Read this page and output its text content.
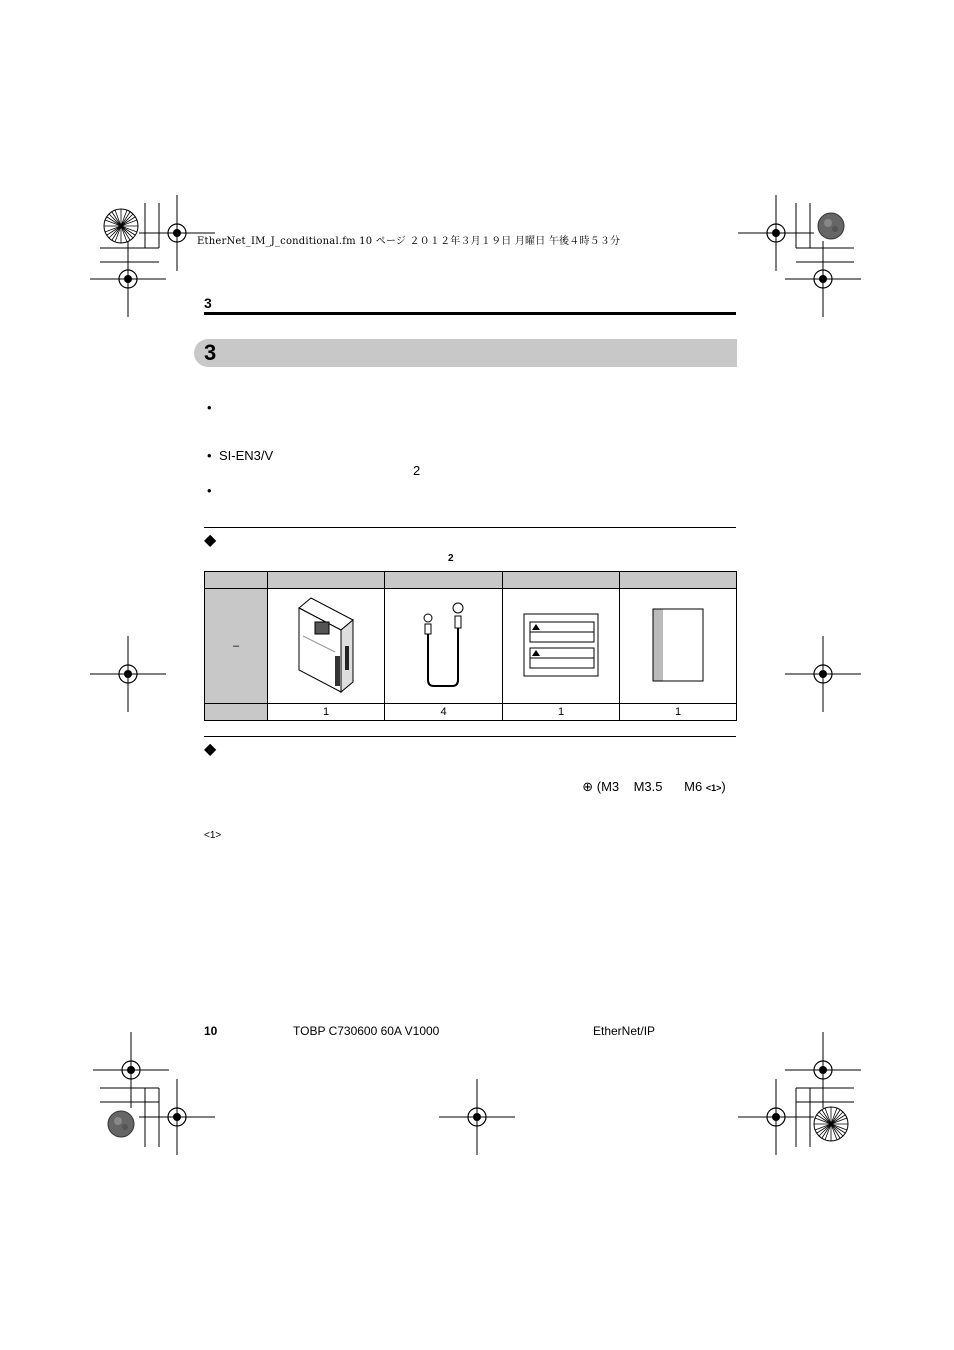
EtherNet_IM_J_conditional.fm 10 ページ ２０１２年３月１９日 月曜日 午後４時５３分
3
3
•
• SI-EN3/V
2
•
◆
2

–				
	1	4	1	1
◆

⊕ (M3    M3.5      M6 <1>)

<1>
10	TOBP C730600 60A V1000	EtherNet/IP
